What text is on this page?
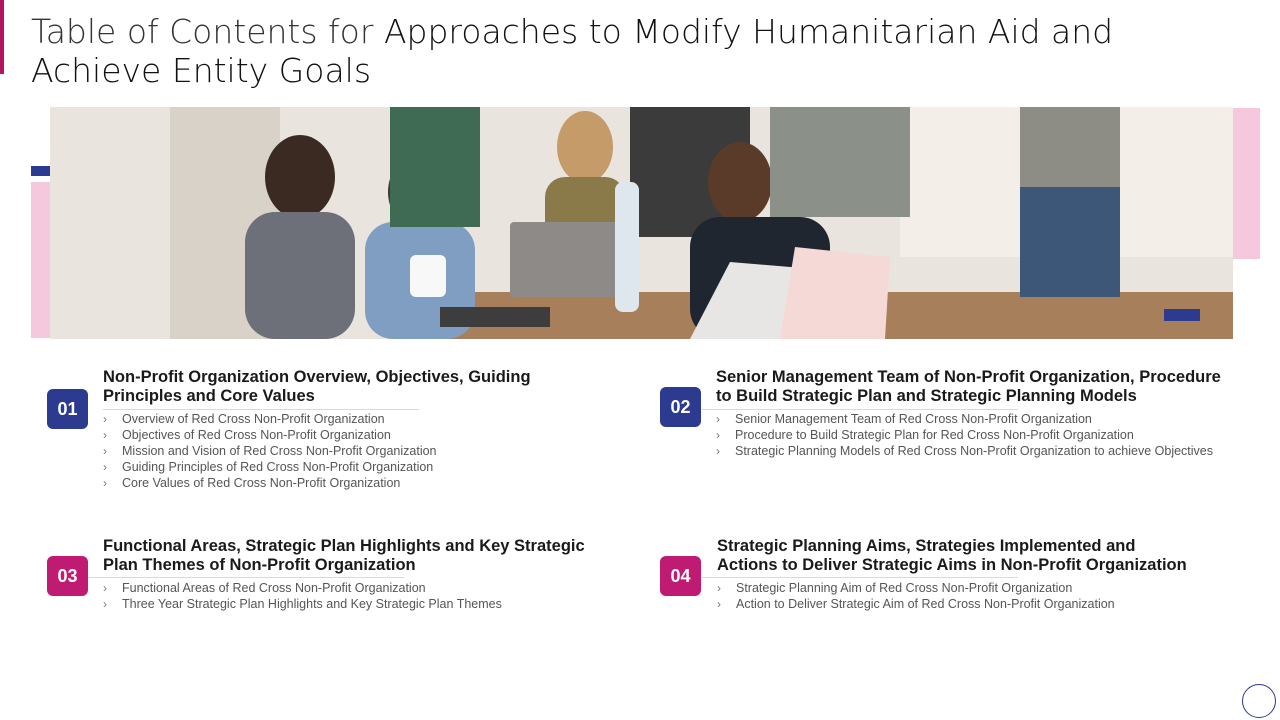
Table of Contents for Approaches to Modify Humanitarian Aid and Achieve Entity Goals
01
Non-Profit Organization Overview, Objectives, Guiding
Principles and Core Values
› Overview of Red Cross Non-Profit Organization
› Objectives of Red Cross Non-Profit Organization
› Mission and Vision of Red Cross Non-Profit Organization
› Guiding Principles of Red Cross Non-Profit Organization
› Core Values of Red Cross Non-Profit Organization
02
Senior Management Team of Non-Profit Organization, Procedure
to Build Strategic Plan and Strategic Planning Models
› Senior Management Team of Red Cross Non-Profit Organization
› Procedure to Build Strategic Plan for Red Cross Non-Profit Organization
› Strategic Planning Models of Red Cross Non-Profit Organization to achieve Objectives
03
Functional Areas, Strategic Plan Highlights and Key Strategic
Plan Themes of Non-Profit Organization
› Functional Areas of Red Cross Non-Profit Organization
› Three Year Strategic Plan Highlights and Key Strategic Plan Themes
04
Strategic Planning Aims, Strategies Implemented and
Actions to Deliver Strategic Aims in Non-Profit Organization
› Strategic Planning Aim of Red Cross Non-Profit Organization
› Action to Deliver Strategic Aim of Red Cross Non-Profit Organization
